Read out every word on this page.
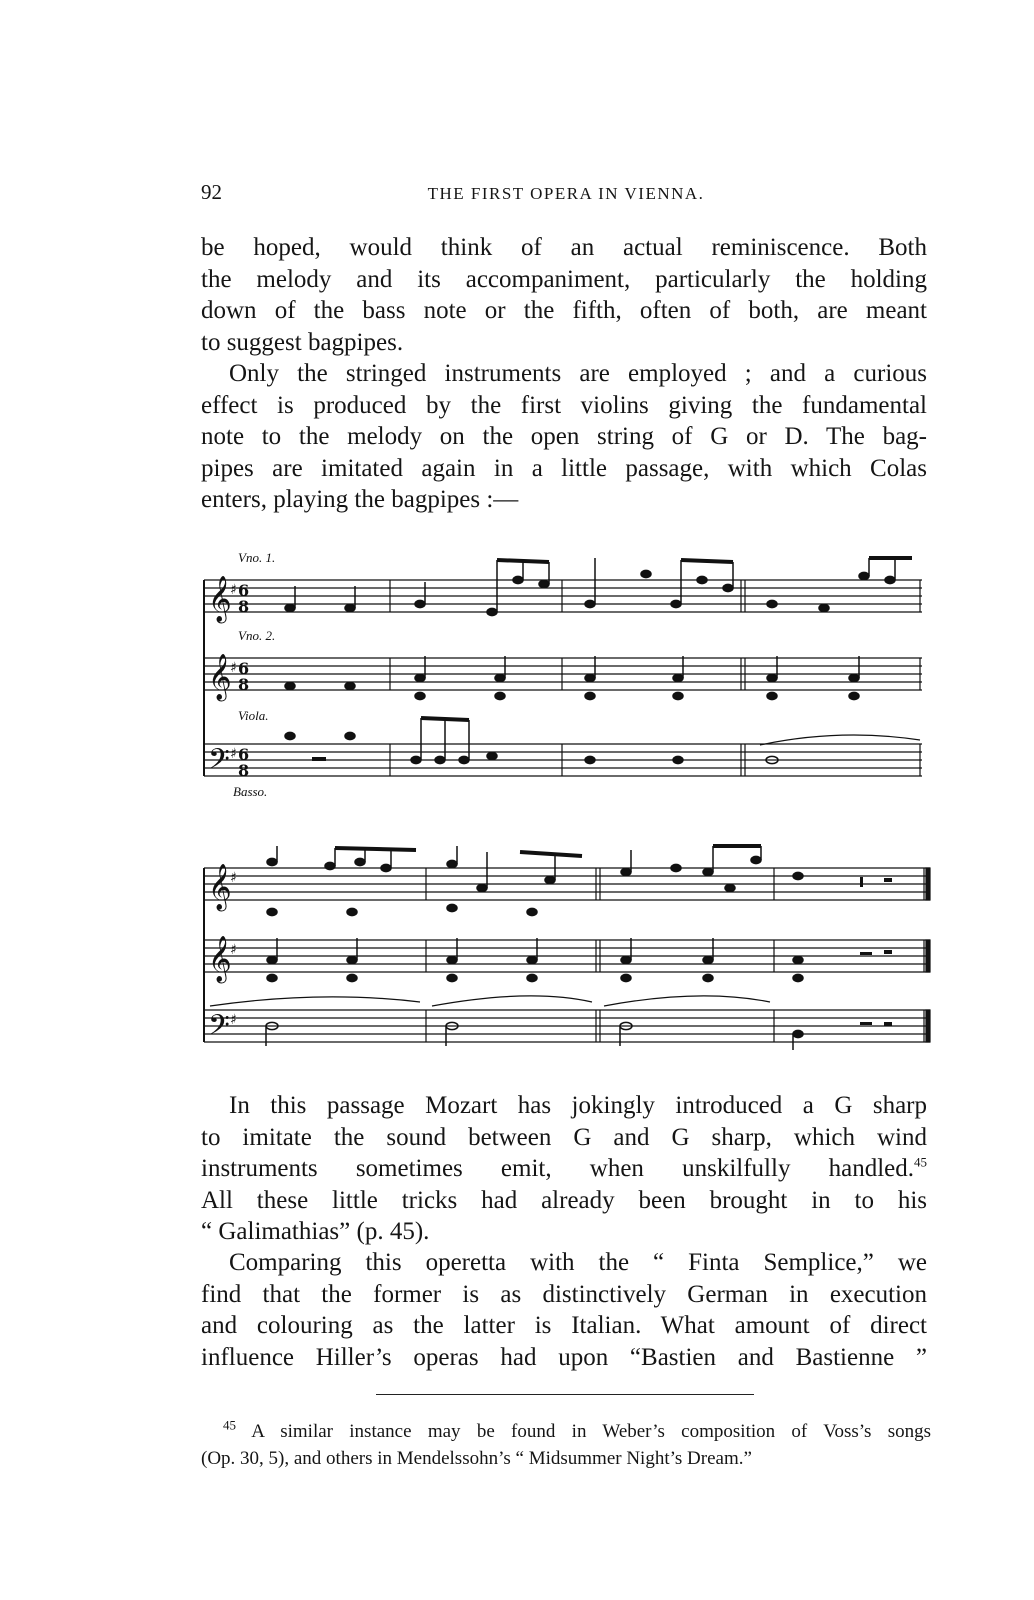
92	THE FIRST OPERA IN VIENNA.

be hoped, would think of an actual reminiscence. Both
the melody and its accompaniment, particularly the holding
down of the bass note or the fifth, often of both, are meant
to suggest bagpipes.

Only the stringed instruments are employed ; and a curious
effect is produced by the first violins giving the fundamental
note to the melody on the open string of G or D. The bag-
pipes are imitated again in a little passage, with which Colas
enters, playing the bagpipes :—

Vno. 1.
Vno. 2.
Viola.
Basso.
𝄞
𝄞
𝄢
♯
♯
♯
6
8
6
8
6
8
𝄞
𝄞
𝄢
♯
♯
♯

In this passage Mozart has jokingly introduced a G sharp
to imitate the sound between G and G sharp, which wind
instruments sometimes emit, when unskilfully handled.$^{45}$
All these little tricks had already been brought in to his
“ Galimathias” (p. 45).

Comparing this operetta with the “ Finta Semplice,” we
find that the former is as distinctively German in execution
and colouring as the latter is Italian. What amount of direct
influence Hiller’s operas had upon “Bastien and Bastienne ”

$^{45}$ A similar instance may be found in Weber’s composition of Voss’s songs
(Op. 30, 5), and others in Mendelssohn’s “ Midsummer Night’s Dream.”
